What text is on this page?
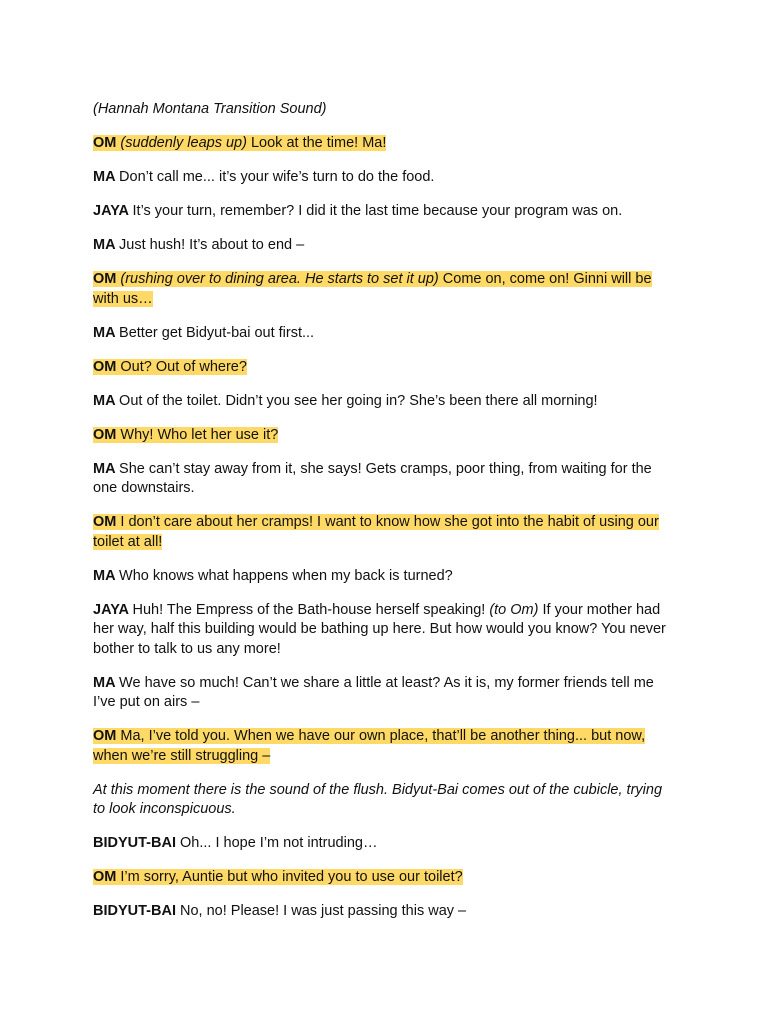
(Hannah Montana Transition Sound)

OM (suddenly leaps up) Look at the time! Ma!

MA Don’t call me... it’s your wife’s turn to do the food.

JAYA It’s your turn, remember? I did it the last time because your program was on.

MA Just hush! It’s about to end –

OM (rushing over to dining area. He starts to set it up) Come on, come on! Ginni will be with us…

MA Better get Bidyut-bai out first...

OM Out? Out of where?

MA Out of the toilet. Didn’t you see her going in? She’s been there all morning!

OM Why! Who let her use it?

MA She can’t stay away from it, she says! Gets cramps, poor thing, from waiting for the one downstairs.

OM I don’t care about her cramps! I want to know how she got into the habit of using our toilet at all!

MA Who knows what happens when my back is turned?

JAYA Huh! The Empress of the Bath-house herself speaking! (to Om) If your mother had her way, half this building would be bathing up here. But how would you know? You never bother to talk to us any more!

MA We have so much! Can’t we share a little at least? As it is, my former friends tell me I’ve put on airs –

OM Ma, I’ve told you. When we have our own place, that’ll be another thing... but now, when we’re still struggling –

At this moment there is the sound of the flush. Bidyut-Bai comes out of the cubicle, trying to look inconspicuous.

BIDYUT-BAI Oh... I hope I’m not intruding…

OM I’m sorry, Auntie but who invited you to use our toilet?

BIDYUT-BAI No, no! Please! I was just passing this way –
